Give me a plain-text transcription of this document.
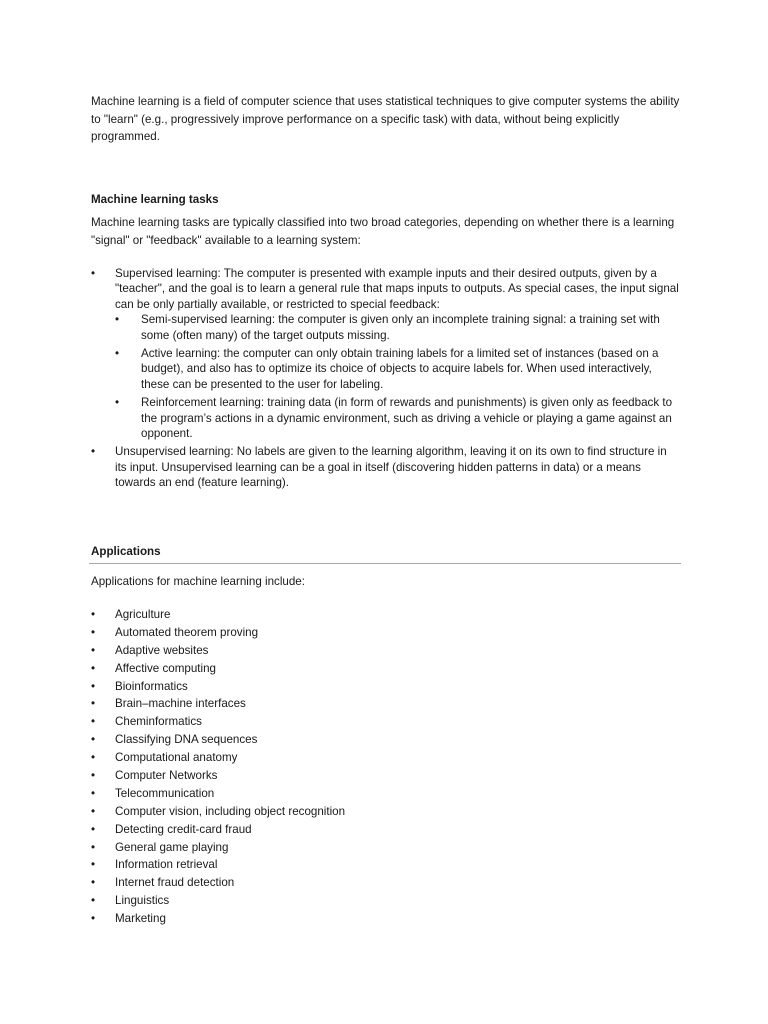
Machine learning is a field of computer science that uses statistical techniques to give computer systems the ability to "learn" (e.g., progressively improve performance on a specific task) with data, without being explicitly programmed.

Machine learning tasks

Machine learning tasks are typically classified into two broad categories, depending on whether there is a learning "signal" or "feedback" available to a learning system:

• Supervised learning: The computer is presented with example inputs and their desired outputs, given by a "teacher", and the goal is to learn a general rule that maps inputs to outputs. As special cases, the input signal can be only partially available, or restricted to special feedback:
• Semi-supervised learning: the computer is given only an incomplete training signal: a training set with some (often many) of the target outputs missing.
• Active learning: the computer can only obtain training labels for a limited set of instances (based on a budget), and also has to optimize its choice of objects to acquire labels for. When used interactively, these can be presented to the user for labeling.
• Reinforcement learning: training data (in form of rewards and punishments) is given only as feedback to the program’s actions in a dynamic environment, such as driving a vehicle or playing a game against an opponent.
• Unsupervised learning: No labels are given to the learning algorithm, leaving it on its own to find structure in its input. Unsupervised learning can be a goal in itself (discovering hidden patterns in data) or a means towards an end (feature learning).
Applications

Applications for machine learning include:

• Agriculture
• Automated theorem proving
• Adaptive websites
• Affective computing
• Bioinformatics
• Brain–machine interfaces
• Cheminformatics
• Classifying DNA sequences
• Computational anatomy
• Computer Networks
• Telecommunication
• Computer vision, including object recognition
• Detecting credit-card fraud
• General game playing
• Information retrieval
• Internet fraud detection
• Linguistics
• Marketing
